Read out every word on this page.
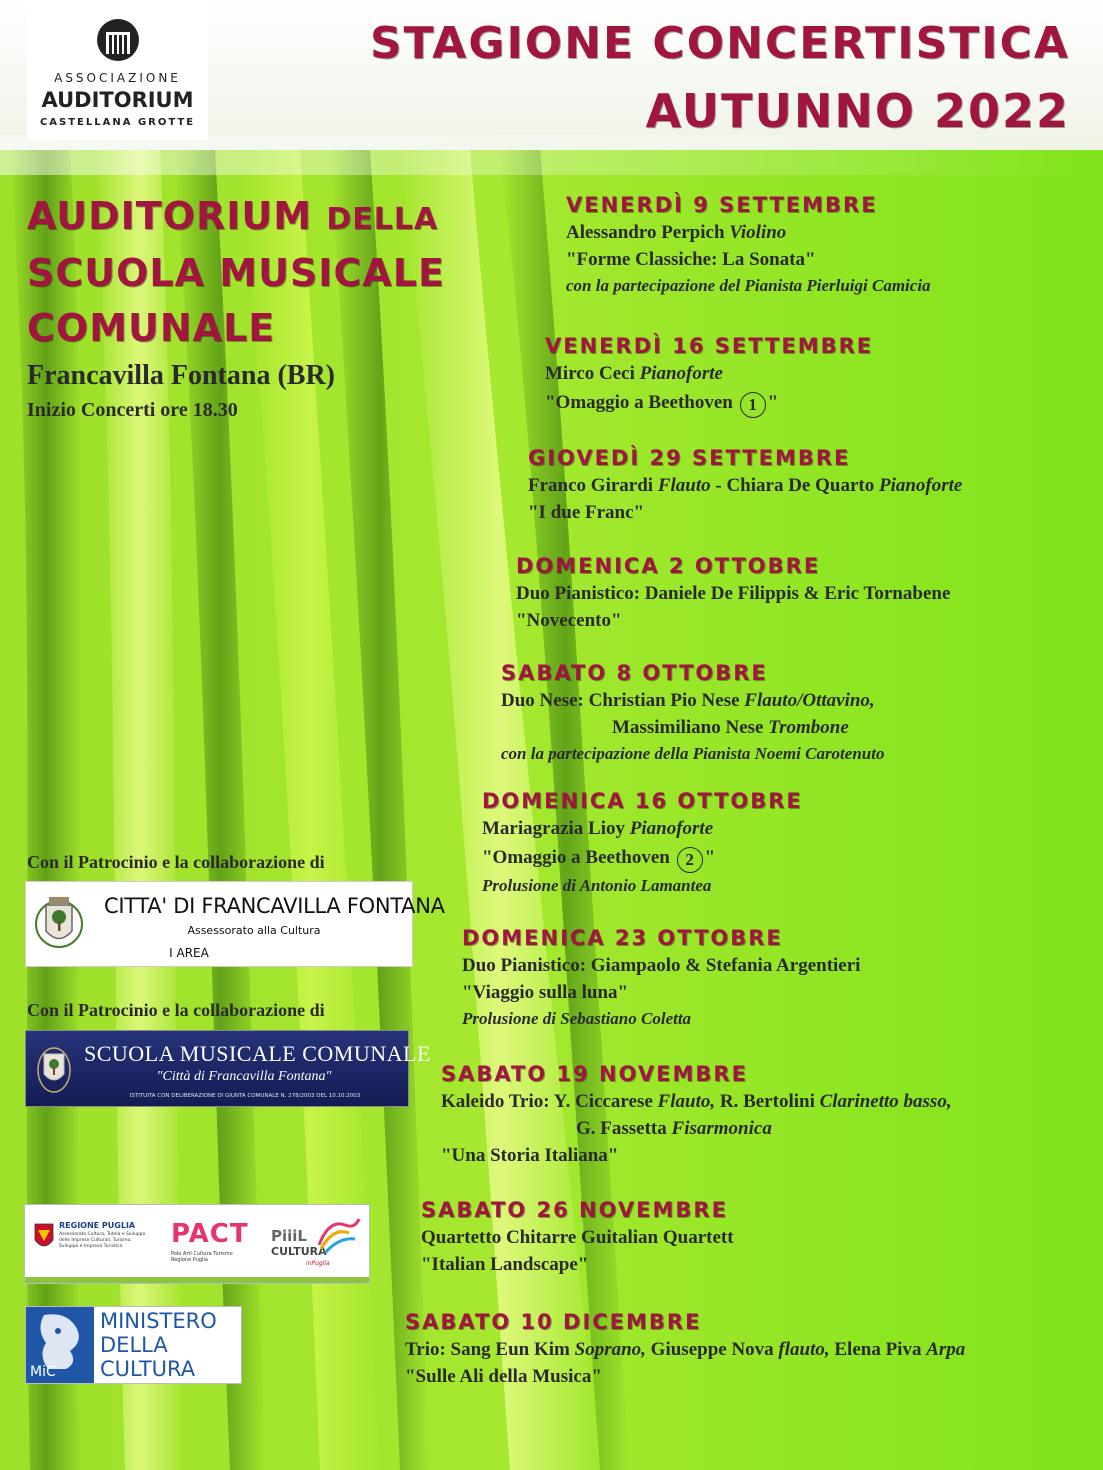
ASSOCIAZIONE
AUDITORIUM
CASTELLANA GROTTE
STAGIONE CONCERTISTICA
AUTUNNO 2022
AUDITORIUM DELLA
SCUOLA MUSICALE
COMUNALE
Francavilla Fontana (BR)
Inizio Concerti ore 18.30
VENERDÌ 9 SETTEMBRE
Alessandro Perpich Violino
"Forme Classiche: La Sonata"
con la partecipazione del Pianista Pierluigi Camicia
VENERDÌ 16 SETTEMBRE
Mirco Ceci Pianoforte
"Omaggio a Beethoven 1 "
GIOVEDÌ 29 SETTEMBRE
Franco Girardi Flauto - Chiara De Quarto Pianoforte
"I due Franc"
DOMENICA 2 OTTOBRE
Duo Pianistico: Daniele De Filippis & Eric Tornabene
"Novecento"
SABATO 8 OTTOBRE
Duo Nese: Christian Pio Nese Flauto/Ottavino,
Massimiliano Nese Trombone
con la partecipazione della Pianista Noemi Carotenuto
DOMENICA 16 OTTOBRE
Mariagrazia Lioy Pianoforte
"Omaggio a Beethoven 2 "
Prolusione di Antonio Lamantea
DOMENICA 23 OTTOBRE
Duo Pianistico: Giampaolo & Stefania Argentieri
"Viaggio sulla luna"
Prolusione di Sebastiano Coletta
SABATO 19 NOVEMBRE
Kaleido Trio: Y. Ciccarese Flauto, R. Bertolini Clarinetto basso,
G. Fassetta Fisarmonica
"Una Storia Italiana"
SABATO 26 NOVEMBRE
Quartetto Chitarre Guitalian Quartett
"Italian Landscape"
SABATO 10 DICEMBRE
Trio: Sang Eun Kim Soprano, Giuseppe Nova flauto, Elena Piva Arpa
"Sulle Ali della Musica"
Con il Patrocinio e la collaborazione di
CITTA' DI FRANCAVILLA FONTANA
Assessorato alla Cultura
I AREA
Con il Patrocinio e la collaborazione di
SCUOLA MUSICALE COMUNALE
"Città di Francavilla Fontana"
ISTITUITA CON DELIBERAZIONE DI GIUNTA COMUNALE N. 278/2003 DEL 10.10.2003
REGIONE PUGLIA
Assessorato Cultura, Tutela e Sviluppo delle Imprese Culturali, Turismo, Sviluppo e Impresa Turistica	PACT
Polo Arti Cultura Turismo Regione Puglia
PiiiL
CULTURA
inPuglia
MiC
MINISTERO
DELLA
CULTURA
